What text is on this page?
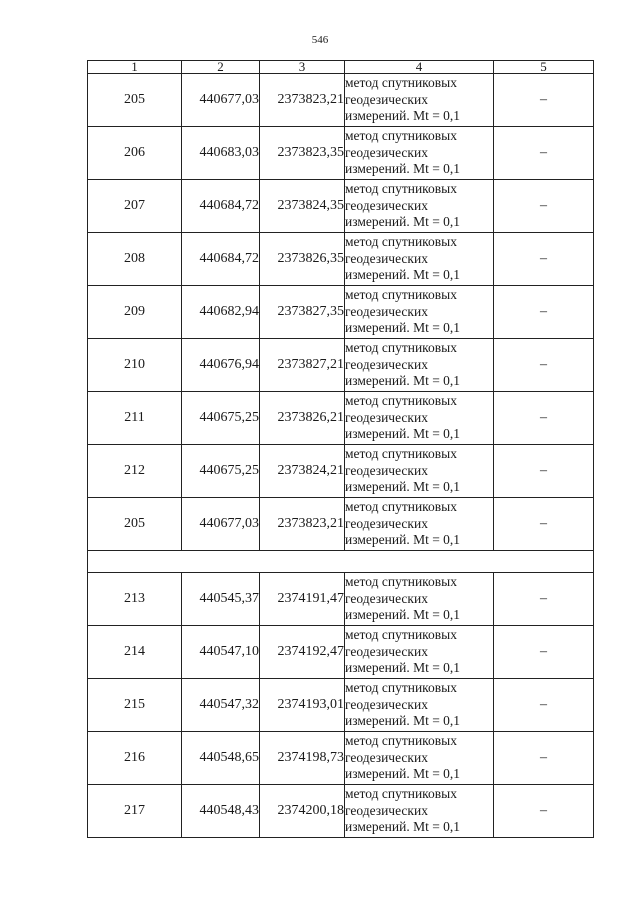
546
1	2	3	4	5
205	440677,03	2373823,21	метод спутниковых
геодезических
измерений. Mt = 0,1	–
206	440683,03	2373823,35	метод спутниковых
геодезических
измерений. Mt = 0,1	–
207	440684,72	2373824,35	метод спутниковых
геодезических
измерений. Mt = 0,1	–
208	440684,72	2373826,35	метод спутниковых
геодезических
измерений. Mt = 0,1	–
209	440682,94	2373827,35	метод спутниковых
геодезических
измерений. Mt = 0,1	–
210	440676,94	2373827,21	метод спутниковых
геодезических
измерений. Mt = 0,1	–
211	440675,25	2373826,21	метод спутниковых
геодезических
измерений. Mt = 0,1	–
212	440675,25	2373824,21	метод спутниковых
геодезических
измерений. Mt = 0,1	–
205	440677,03	2373823,21	метод спутниковых
геодезических
измерений. Mt = 0,1	–

213	440545,37	2374191,47	метод спутниковых
геодезических
измерений. Mt = 0,1	–
214	440547,10	2374192,47	метод спутниковых
геодезических
измерений. Mt = 0,1	–
215	440547,32	2374193,01	метод спутниковых
геодезических
измерений. Mt = 0,1	–
216	440548,65	2374198,73	метод спутниковых
геодезических
измерений. Mt = 0,1	–
217	440548,43	2374200,18	метод спутниковых
геодезических
измерений. Mt = 0,1	–
